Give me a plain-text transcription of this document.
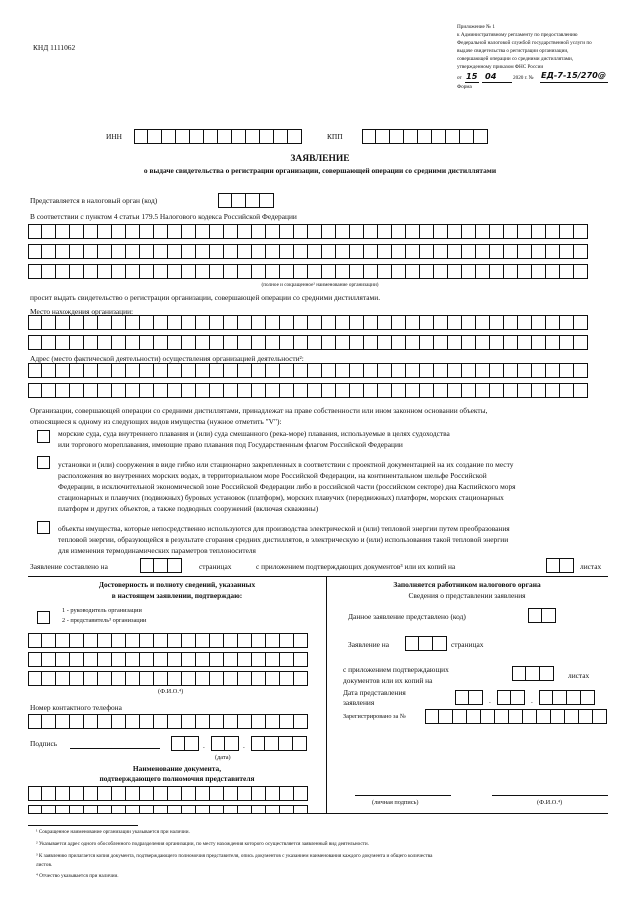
КНД 1111062
Приложение № 1
к Административному регламенту по предоставлению
Федеральной налоговой службой государственной услуги по
выдаче свидетельства о регистрации организации,
совершающей операции со средними дистиллятами,
утвержденному приказом ФНС России
от 15 04	2020 г. № ЕД-7-15/270@
Форма
ИНН	КПП
ЗАЯВЛЕНИЕ
о выдаче свидетельства о регистрации организации, совершающей операции со средними дистиллятами
Представляется в налоговый орган (код)
В соответствии с пунктом 4 статьи 179.5 Налогового кодекса Российской Федерации
(полное и сокращенное¹ наименование организации)
просит выдать свидетельство о регистрации организации, совершающей операции со средними дистиллятами.
Место нахождения организации:
Адрес (место фактической деятельности) осуществления организацией деятельности²:
Организации, совершающей операции со средними дистиллятами, принадлежат на праве собственности или ином законном основании объекты,
относящиеся к одному из следующих видов имущества (нужное отметить "V"):
морские суда, суда внутреннего плавания и (или) суда смешанного (река-море) плавания, используемые в целях судоходства
или торгового мореплавания, имеющие право плавания под Государственным флагом Российской Федерации
установки и (или) сооружения в виде гибко или стационарно закрепленных в соответствии с проектной документацией на их создание по месту
расположения во внутренних морских водах, в территориальном море Российской Федерации, на континентальном шельфе Российской
Федерации, в исключительной экономической зоне Российской Федерации либо в российской части (российском секторе) дна Каспийского моря
стационарных и плавучих (подвижных) буровых установок (платформ), морских плавучих (передвижных) платформ, морских стационарных
платформ и других объектов, а также подводных сооружений (включая скважины)
объекты имущества, которые непосредственно используются для производства электрической и (или) тепловой энергии путем преобразования
тепловой энергии, образующейся в результате сгорания средних дистиллятов, в электрическую и (или) использования такой тепловой энергии
для изменения термодинамических параметров теплоносителя
Заявление составлено на	страницах	с приложением подтверждающих документов³ или их копий на	листах
Достоверность и полноту сведений, указанных
в настоящем заявлении, подтверждаю:
1 - руководитель организации
2 - представитель³ организации
(Ф.И.О.⁴)
Номер контактного телефона
Подпись	.	.
(дата)
Наименование документа,
подтверждающего полномочия представителя
Заполняется работником налогового органа
Сведения о представлении заявления
Данное заявление представлено (код)
Заявление на	страницах
с приложением подтверждающих
документов или их копий на
листах
Дата представления
заявления	.	.
Зарегистрировано за №
(личная подпись)	(Ф.И.О.⁴)
¹ Сокращенное наименование организации указывается при наличии.
² Указывается адрес одного обособленного подразделения организации, по месту нахождения которого осуществляется заявленный вид деятельности.
³ К заявлению прилагается копия документа, подтверждающего полномочия представителя, опись документов с указанием наименования каждого документа и общего количества
листов.
⁴ Отчество указывается при наличии.
